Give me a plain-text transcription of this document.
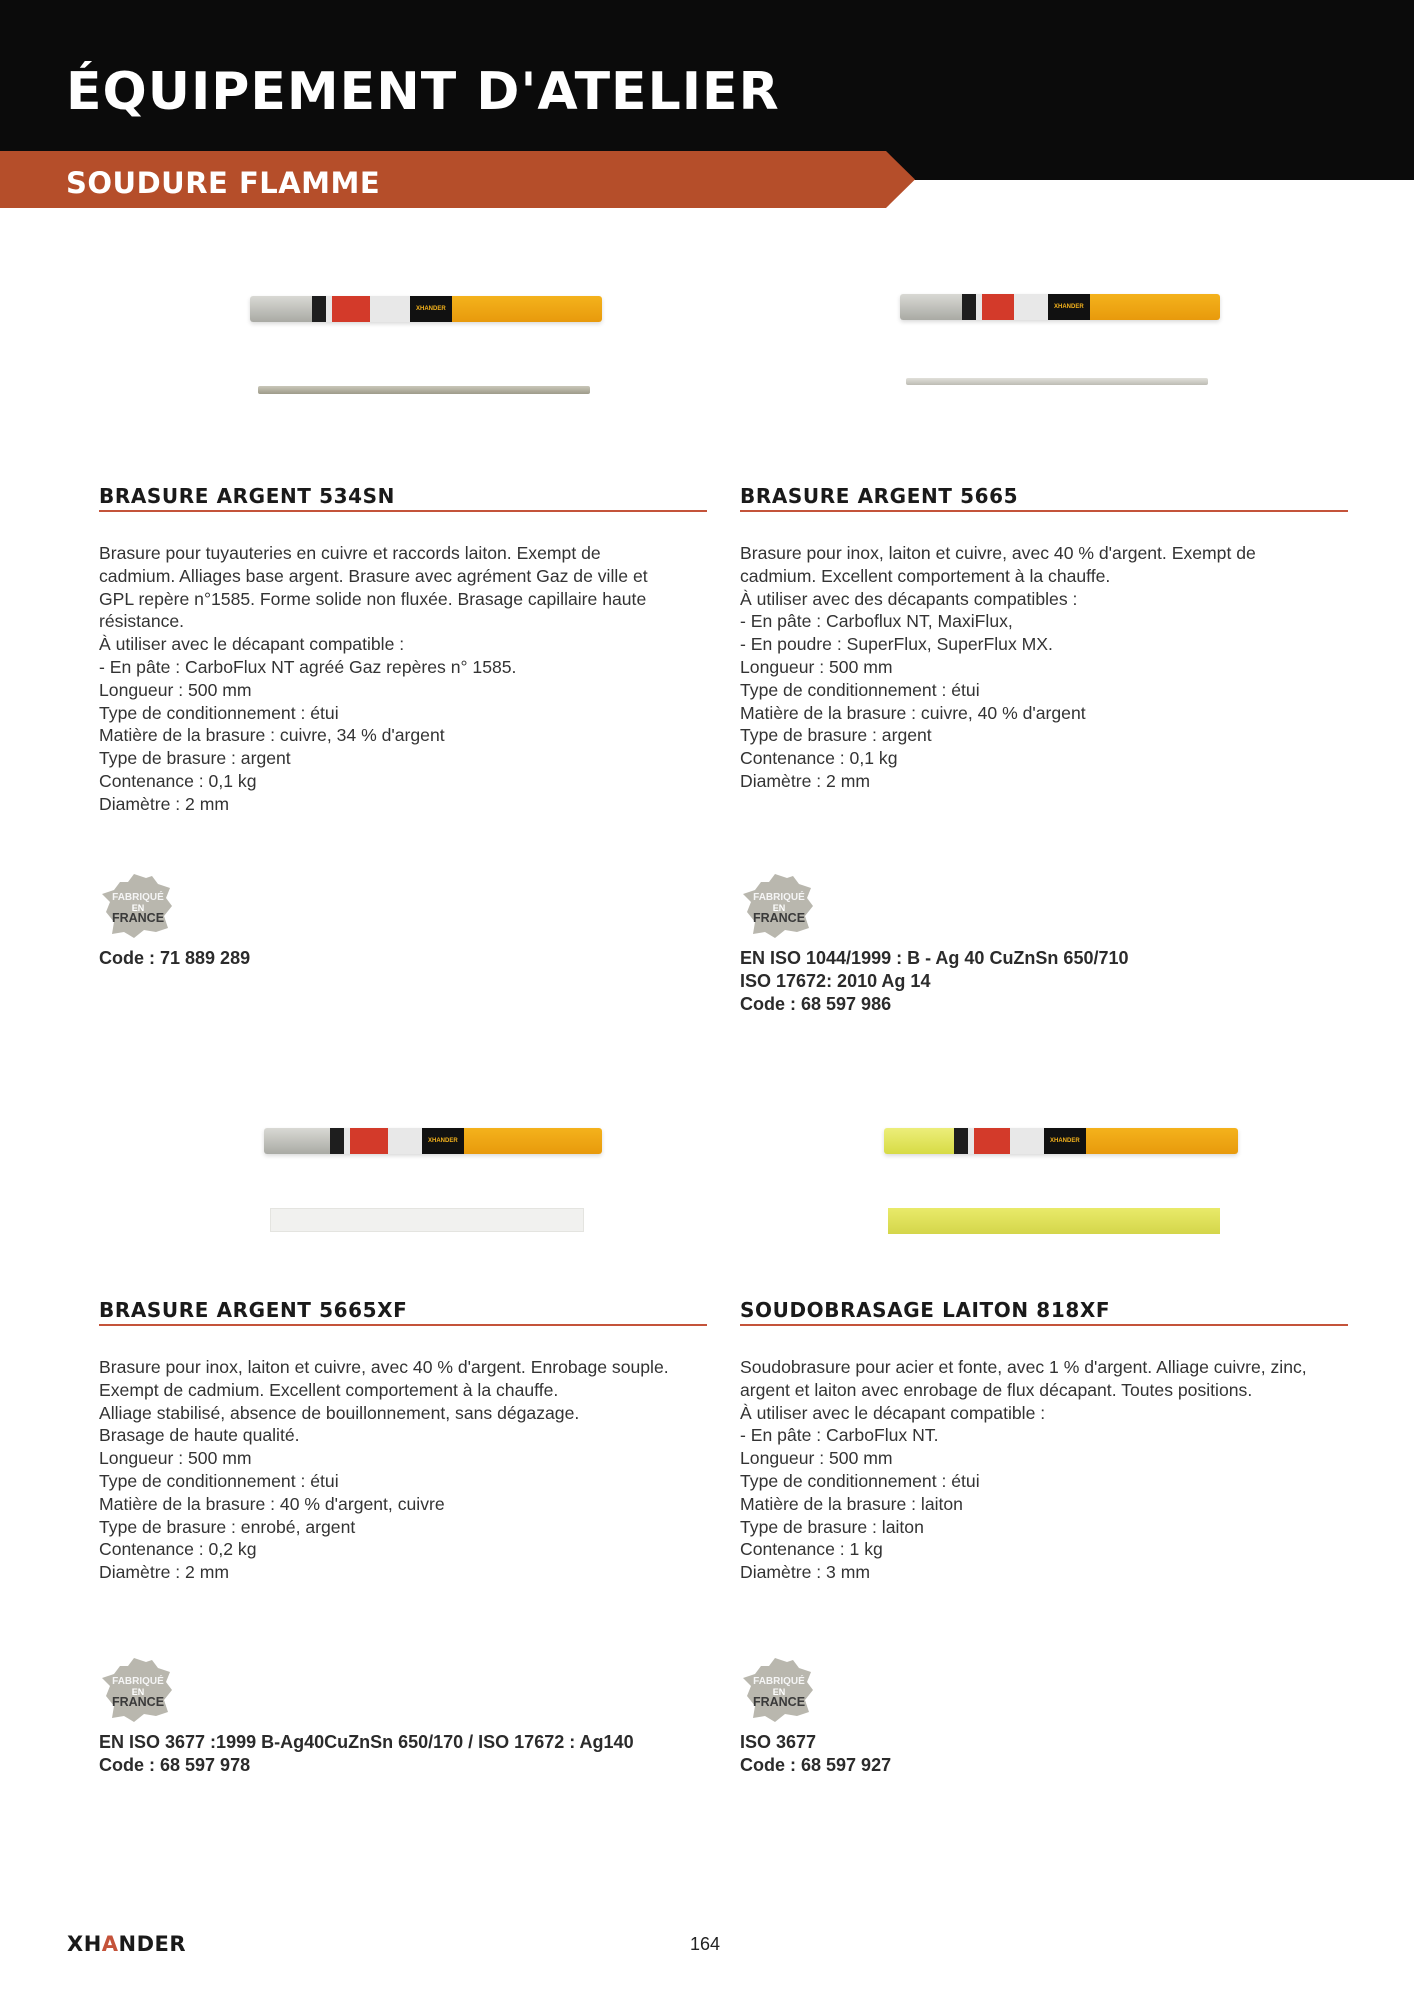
ÉQUIPEMENT D'ATELIER
SOUDURE FLAMME
XHANDER
BRASURE ARGENT 534SN
Brasure pour tuyauteries en cuivre et raccords laiton. Exempt de
cadmium. Alliages base argent. Brasure avec agrément Gaz de ville et
GPL repère n°1585. Forme solide non fluxée. Brasage capillaire haute
résistance.
À utiliser avec le décapant compatible :
- En pâte : CarboFlux NT agréé Gaz repères n° 1585.
Longueur : 500 mm
Type de conditionnement : étui
Matière de la brasure : cuivre, 34 % d'argent
Type de brasure : argent
Contenance : 0,1 kg
Diamètre : 2 mm
FABRIQUÉ
EN
FRANCE
Code : 71 889 289
XHANDER
BRASURE ARGENT 5665
Brasure pour inox, laiton et cuivre, avec 40 % d'argent. Exempt de
cadmium. Excellent comportement à la chauffe.
À utiliser avec des décapants compatibles :
- En pâte : Carboflux NT, MaxiFlux,
- En poudre : SuperFlux, SuperFlux MX.
Longueur : 500 mm
Type de conditionnement : étui
Matière de la brasure : cuivre, 40 % d'argent
Type de brasure : argent
Contenance : 0,1 kg
Diamètre : 2 mm
FABRIQUÉ
EN
FRANCE
EN ISO 1044/1999 : B - Ag 40 CuZnSn 650/710
ISO 17672: 2010 Ag 14
Code : 68 597 986
XHANDER
BRASURE ARGENT 5665XF
Brasure pour inox, laiton et cuivre, avec 40 % d'argent. Enrobage souple.
Exempt de cadmium. Excellent comportement à la chauffe.
Alliage stabilisé, absence de bouillonnement, sans dégazage.
Brasage de haute qualité.
Longueur : 500 mm
Type de conditionnement : étui
Matière de la brasure : 40 % d'argent, cuivre
Type de brasure : enrobé, argent
Contenance : 0,2 kg
Diamètre : 2 mm
FABRIQUÉ
EN
FRANCE
EN ISO 3677 :1999 B-Ag40CuZnSn 650/170 / ISO 17672 : Ag140
Code : 68 597 978
XHANDER
SOUDOBRASAGE LAITON 818XF
Soudobrasure pour acier et fonte, avec 1 % d'argent. Alliage cuivre, zinc,
argent et laiton avec enrobage de flux décapant. Toutes positions.
À utiliser avec le décapant compatible :
- En pâte : CarboFlux NT.
Longueur : 500 mm
Type de conditionnement : étui
Matière de la brasure : laiton
Type de brasure : laiton
Contenance : 1 kg
Diamètre : 3 mm
FABRIQUÉ
EN
FRANCE
ISO 3677
Code : 68 597 927
XHANDER	164
